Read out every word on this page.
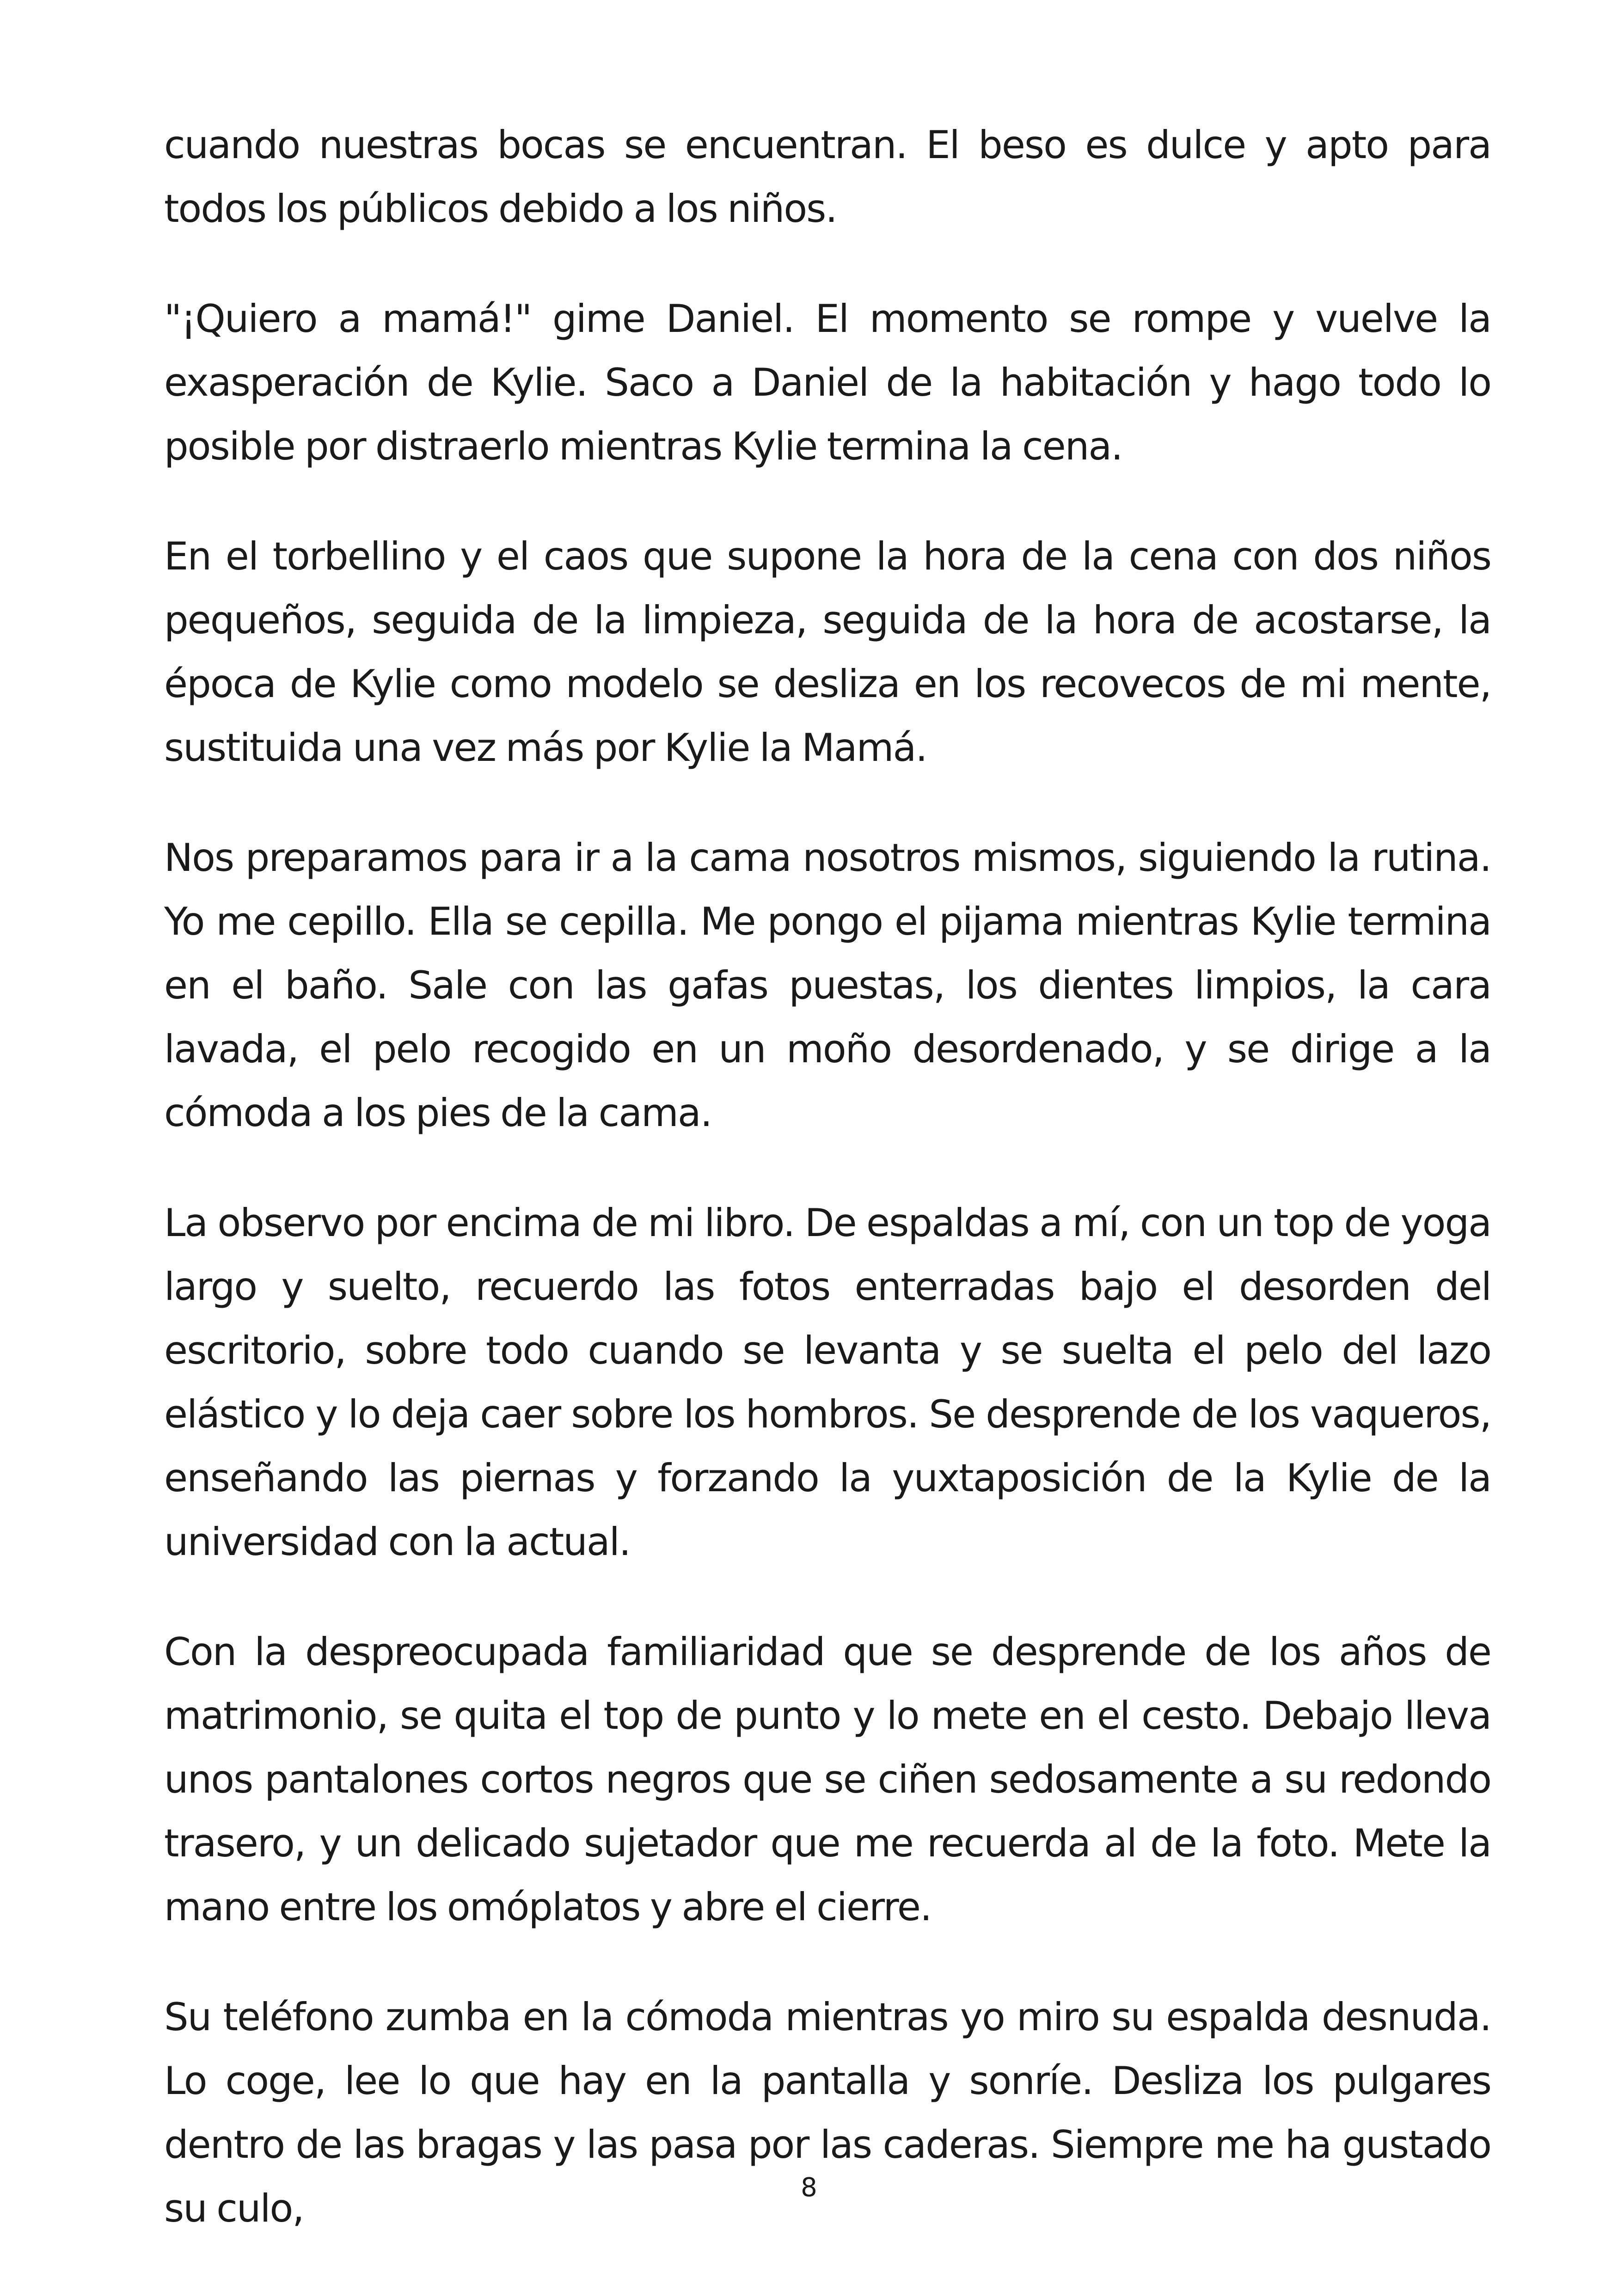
cuando nuestras bocas se encuentran. El beso es dulce y apto para todos los públicos debido a los niños.

"¡Quiero a mamá!" gime Daniel. El momento se rompe y vuelve la exasperación de Kylie. Saco a Daniel de la habitación y hago todo lo posible por distraerlo mientras Kylie termina la cena.

En el torbellino y el caos que supone la hora de la cena con dos niños pequeños, seguida de la limpieza, seguida de la hora de acostarse, la época de Kylie como modelo se desliza en los recovecos de mi mente, sustituida una vez más por Kylie la Mamá.

Nos preparamos para ir a la cama nosotros mismos, siguiendo la rutina. Yo me cepillo. Ella se cepilla. Me pongo el pijama mientras Kylie termina en el baño. Sale con las gafas puestas, los dientes limpios, la cara lavada, el pelo recogido en un moño desordenado, y se dirige a la cómoda a los pies de la cama.

La observo por encima de mi libro. De espaldas a mí, con un top de yoga largo y suelto, recuerdo las fotos enterradas bajo el desorden del escritorio, sobre todo cuando se levanta y se suelta el pelo del lazo elástico y lo deja caer sobre los hombros. Se desprende de los vaqueros, enseñando las piernas y forzando la yuxtaposición de la Kylie de la universidad con la actual.

Con la despreocupada familiaridad que se desprende de los años de matrimonio, se quita el top de punto y lo mete en el cesto. Debajo lleva unos pantalones cortos negros que se ciñen sedosamente a su redondo trasero, y un delicado sujetador que me recuerda al de la foto. Mete la mano entre los omóplatos y abre el cierre.

Su teléfono zumba en la cómoda mientras yo miro su espalda desnuda. Lo coge, lee lo que hay en la pantalla y sonríe. Desliza los pulgares dentro de las bragas y las pasa por las caderas. Siempre me ha gustado su culo,	8
